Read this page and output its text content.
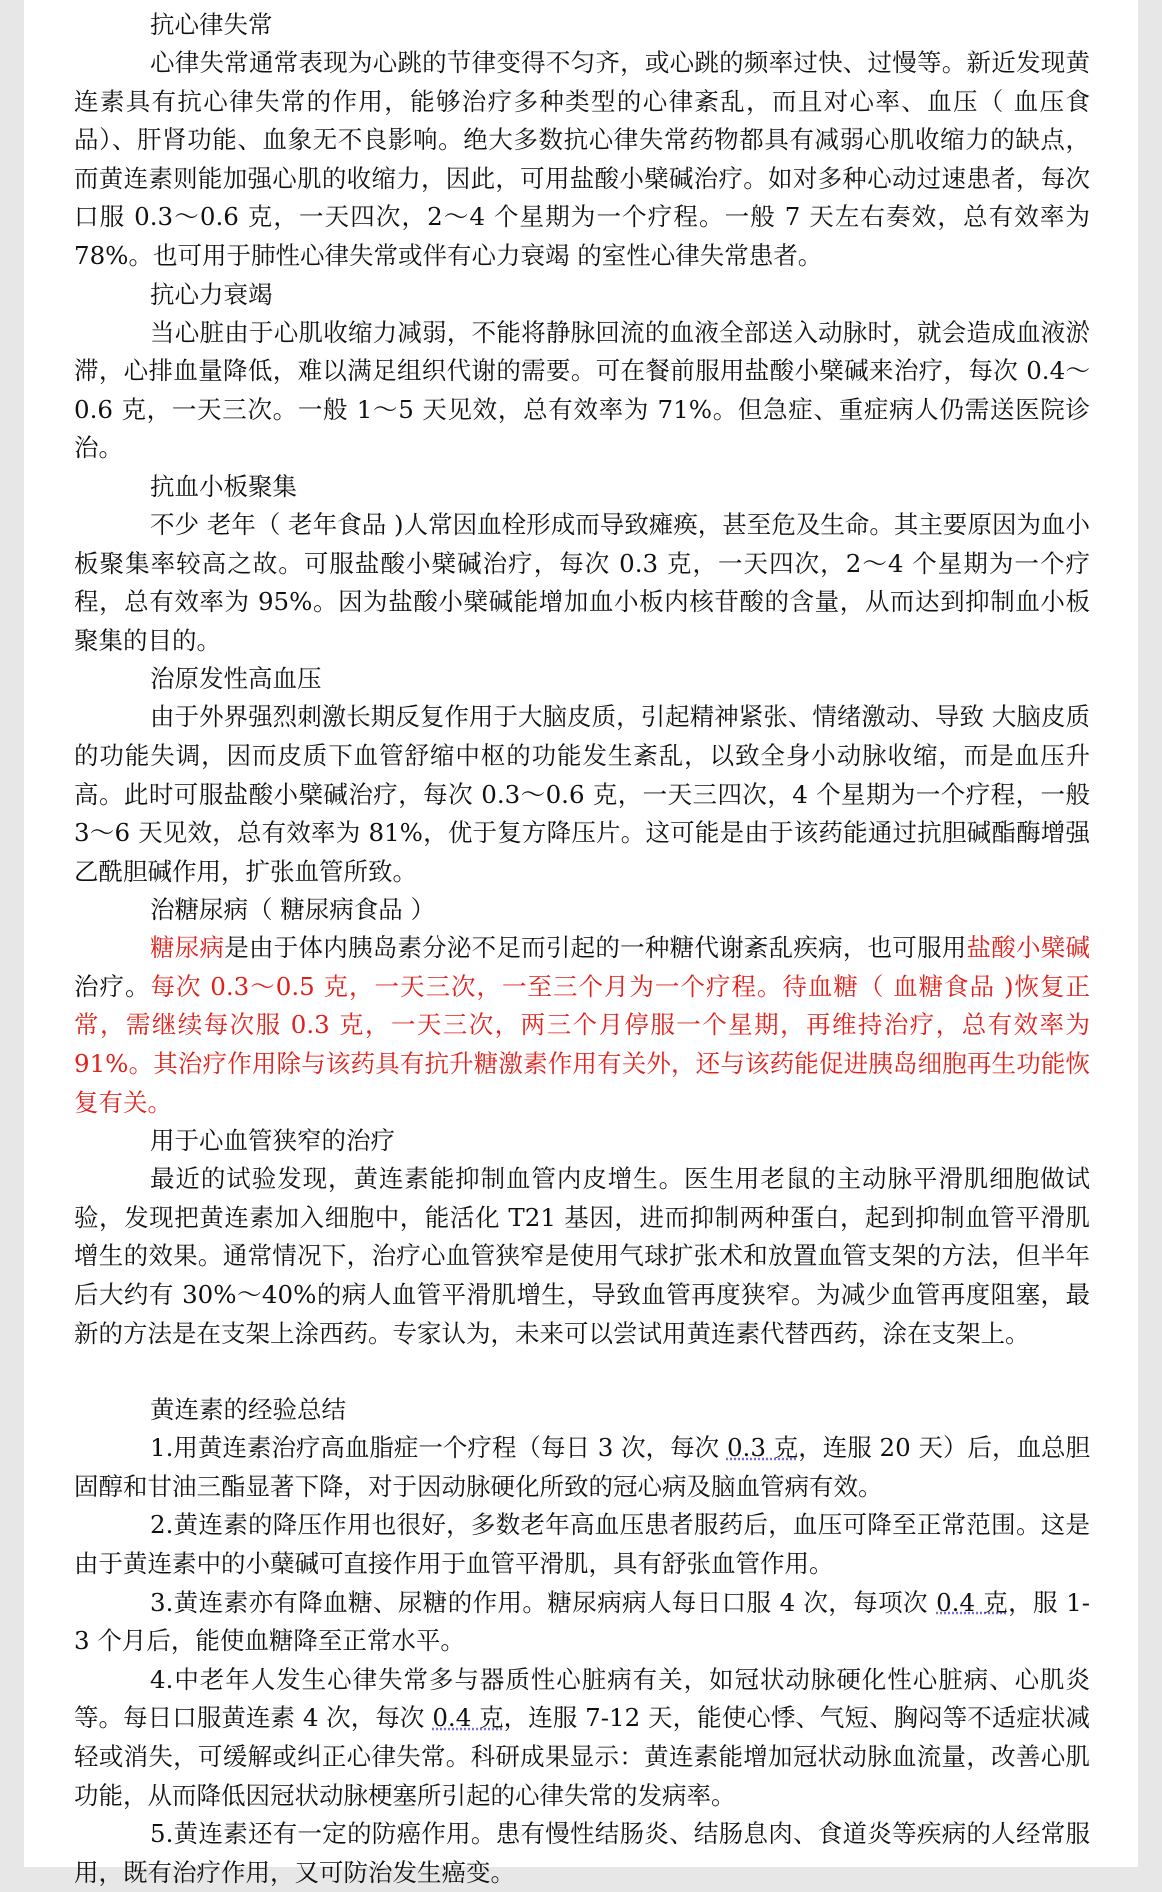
抗心律失常

心律失常通常表现为心跳的节律变得不匀齐，或心跳的频率过快、过慢等。新近发现黄连素具有抗心律失常的作用，能够治疗多种类型的心律紊乱，而且对心率、血压（ 血压食品）、肝肾功能、血象无不良影响。绝大多数抗心律失常药物都具有减弱心肌收缩力的缺点，而黄连素则能加强心肌的收缩力，因此，可用盐酸小檗碱治疗。如对多种心动过速患者，每次口服 0.3～0.6 克，一天四次，2～4 个星期为一个疗程。一般 7 天左右奏效，总有效率为 78%。也可用于肺性心律失常或伴有心力衰竭 的室性心律失常患者。

抗心力衰竭

当心脏由于心肌收缩力减弱，不能将静脉回流的血液全部送入动脉时，就会造成血液淤滞，心排血量降低，难以满足组织代谢的需要。可在餐前服用盐酸小檗碱来治疗，每次 0.4～0.6 克，一天三次。一般 1～5 天见效，总有效率为 71%。但急症、重症病人仍需送医院诊治。

抗血小板聚集

不少 老年（ 老年食品 )人常因血栓形成而导致瘫痪，甚至危及生命。其主要原因为血小板聚集率较高之故。可服盐酸小檗碱治疗，每次 0.3 克，一天四次，2～4 个星期为一个疗程，总有效率为 95%。因为盐酸小檗碱能增加血小板内核苷酸的含量，从而达到抑制血小板聚集的目的。

治原发性高血压

由于外界强烈刺激长期反复作用于大脑皮质，引起精神紧张、情绪激动、导致 大脑皮质的功能失调，因而皮质下血管舒缩中枢的功能发生紊乱，以致全身小动脉收缩，而是血压升高。此时可服盐酸小檗碱治疗，每次 0.3～0.6 克，一天三四次，4 个星期为一个疗程，一般 3～6 天见效，总有效率为 81%，优于复方降压片。这可能是由于该药能通过抗胆碱酯酶增强乙酰胆碱作用，扩张血管所致。

治糖尿病（ 糖尿病食品 ）

糖尿病是由于体内胰岛素分泌不足而引起的一种糖代谢紊乱疾病，也可服用盐酸小檗碱治疗。每次 0.3～0.5 克，一天三次，一至三个月为一个疗程。待血糖（ 血糖食品 )恢复正常，需继续每次服 0.3 克，一天三次，两三个月停服一个星期，再维持治疗，总有效率为 91%。其治疗作用除与该药具有抗升糖激素作用有关外，还与该药能促进胰岛细胞再生功能恢复有关。

用于心血管狭窄的治疗

最近的试验发现，黄连素能抑制血管内皮增生。医生用老鼠的主动脉平滑肌细胞做试验，发现把黄连素加入细胞中，能活化 T21 基因，进而抑制两种蛋白，起到抑制血管平滑肌增生的效果。通常情况下，治疗心血管狭窄是使用气球扩张术和放置血管支架的方法，但半年后大约有 30%～40%的病人血管平滑肌增生，导致血管再度狭窄。为减少血管再度阻塞，最新的方法是在支架上涂西药。专家认为，未来可以尝试用黄连素代替西药，涂在支架上。

黄连素的经验总结

1.用黄连素治疗高血脂症一个疗程（每日 3 次，每次 0.3 克，连服 20 天）后，血总胆固醇和甘油三酯显著下降，对于因动脉硬化所致的冠心病及脑血管病有效。

2.黄连素的降压作用也很好，多数老年高血压患者服药后，血压可降至正常范围。这是由于黄连素中的小蘖碱可直接作用于血管平滑肌，具有舒张血管作用。

3.黄连素亦有降血糖、尿糖的作用。糖尿病病人每日口服 4 次，每项次 0.4 克，服 1-3 个月后，能使血糖降至正常水平。

4.中老年人发生心律失常多与器质性心脏病有关，如冠状动脉硬化性心脏病、心肌炎等。每日口服黄连素 4 次，每次 0.4 克，连服 7-12 天，能使心悸、气短、胸闷等不适症状减轻或消失，可缓解或纠正心律失常。科研成果显示：黄连素能增加冠状动脉血流量，改善心肌功能，从而降低因冠状动脉梗塞所引起的心律失常的发病率。

5.黄连素还有一定的防癌作用。患有慢性结肠炎、结肠息肉、食道炎等疾病的人经常服用，既有治疗作用，又可防治发生癌变。
